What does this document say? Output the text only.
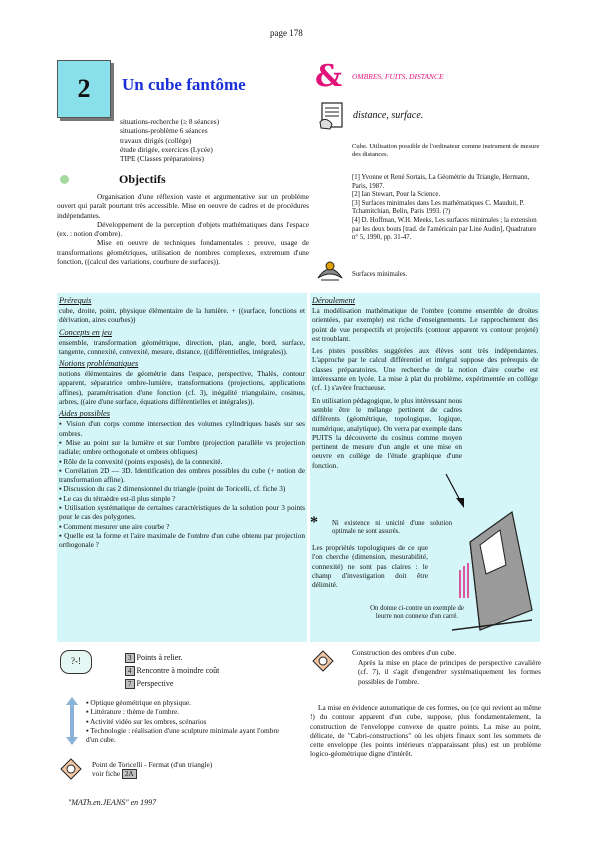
page 178
2 Un cube fantôme & OMBRES, FUITS, DISTANCE
distance, surface.
situations-recherche (≥ 8 séances)
situations-problème 6 séances
travaux dirigés (collège)
étude dirigée, exercices (Lycée)
TIPE (Classes préparatoires)
Cube. Utilisation possible de l'ordinateur comme instrument de mesure des distances.
Objectifs
Organisation d'une réflexion vaste et argumentative sur un problème ouvert qui paraît pourtant très accessible. Mise en oeuvre de cadres et de procédures indépendantes.
Développement de la perception d'objets mathématiques dans l'espace (ex. : notion d'ombre).
Mise en oeuvre de techniques fondamentales : preuve, usage de transformations géométriques, utilisation de nombres complexes, extremum d'une fonction, ((calcul des variations, courbure de surfaces)).
[1] Yvonne et René Sortais, La Géométrie du Triangle, Hermann, Paris, 1987.
[2] Ian Stewart, Pour la Science.
[3] Surfaces minimales dans Les mathématiques C. Mauduit, P. Tchamitchian, Belin, Paris 1993. (?)
[4] D. Hoffman, W.H. Meeks, Les surfaces minimales ; la extension par les deux bouts [trad. de l'américain par Line Audin], Quadrature n° 5, 1990, pp. 31-47.
Surfaces minimales.
Prérequis
cube, droite, point, physique élémentaire de la lumière. + ((surface, fonctions et dérivation, aires courbes))
Concepts en jeu
ensemble, transformation géométrique, direction, plan, angle, bord, surface, tangente, connexité, convexité, mesure, distance, ((différentielles, intégrales)).
Notions problématiques
notions élémentaires de géométrie dans l'espace, perspective, Thalès, contour apparent, séparatrice ombre-lumière, transformations (projections, applications affines), paramétrisation d'une fonction (cf. 3), inégalité triangulaire, cosinus, arbres, ((aire d'une surface, équations différentielles et intégrales)).
Aides possibles
▪ Vision d'un corps comme intersection des volumes cylindriques basés sur ses ombres.
▪ Mise au point sur la lumière et sur l'ombre (projection parallèle vs projection radiale; ombre orthogonale et ombres obliques)
▪ Rôle de la convexité (points exposés), de la connexité.
▪ Corrélation 2D — 3D. Identification des ombres possibles du cube (+ notion de transformation affine).
▪ Discussion du cas 2 dimensionnel du triangle (point de Toricelli, cf. fiche 3)
▪ Le cas du tétraèdre est-il plus simple ?
▪ Utilisation systématique de certaines caractéristiques de la solution pour 3 points pour le cas des polygones.
▪ Comment mesurer une aire courbe ?
▪ Quelle est la forme et l'aire maximale de l'ombre d'un cube obtenu par projection orthogonale ?
Déroulement
La modélisation mathématique de l'ombre (comme ensemble de droites orientées, par exemple) est riche d'enseignements. Le rapprochement des point de vue perspectifs et projectifs (contour apparent vs contour projeté) est troublant.
Les pistes possibles suggérées aux élèves sont très indépendantes. L'approche par le calcul différentiel et intégral suppose des prérequis de classes préparatoires. Une recherche de la notion d'aire courbe est intéressante en lycée. La mise à plat du problème, expérimentée en collège (cf. 1) s'avère fructueuse.
En utilisation pédagogique, le plus intéressant nous semble être le mélange pertinent de cadres différents (géométrique, topologique, logique, numérique, analytique). On verra par exemple dans PUITS la découverte du cosinus comme moyen pertinent de mesure d'un angle et une mise en oeuvre en collège de l'étude graphique d'une fonction.
* Ni existence ni unicité d'une solution optimale ne sont assurés.
Les propriétés topologiques de ce que l'on cherche (dimension, mesurabilité, connexité) ne sont pas claires : le champ d'investigation doit être délimité.
On donne ci-contre un exemple de leurre non connexe d'un carré.
?-!	3 Points à relier.
4 Rencontre à moindre coût
7 Perspective
▪ Optique géométrique en physique.
▪ Littérature : thème de l'ombre.
▪ Activité vidéo sur les ombres, scénarios
▪ Technologie : réalisation d'une sculpture minimale ayant l'ombre d'un cube.
Point de Toricelli - Fermat (d'un triangle)
voir fiche 2A
Construction des ombres d'un cube.
Après la mise en place de principes de perspective cavalière (cf. 7), il s'agit d'engendrer systématiquement les formes possibles de l'ombre.
La mise en évidence automatique de ces formes, ou (ce qui revient au même !) du contour apparent d'un cube, suppose, plus fondamentalement, la construction de l'enveloppe convexe de quatre points. La mise au point, délicate, de "Cabri-constructions" où les objets finaux sont les sommets de cette enveloppe (les points intérieurs n'apparaissant plus) est un problème logico-géométrique digne d'intérêt.
"MATh.en.JEANS" en 1997
